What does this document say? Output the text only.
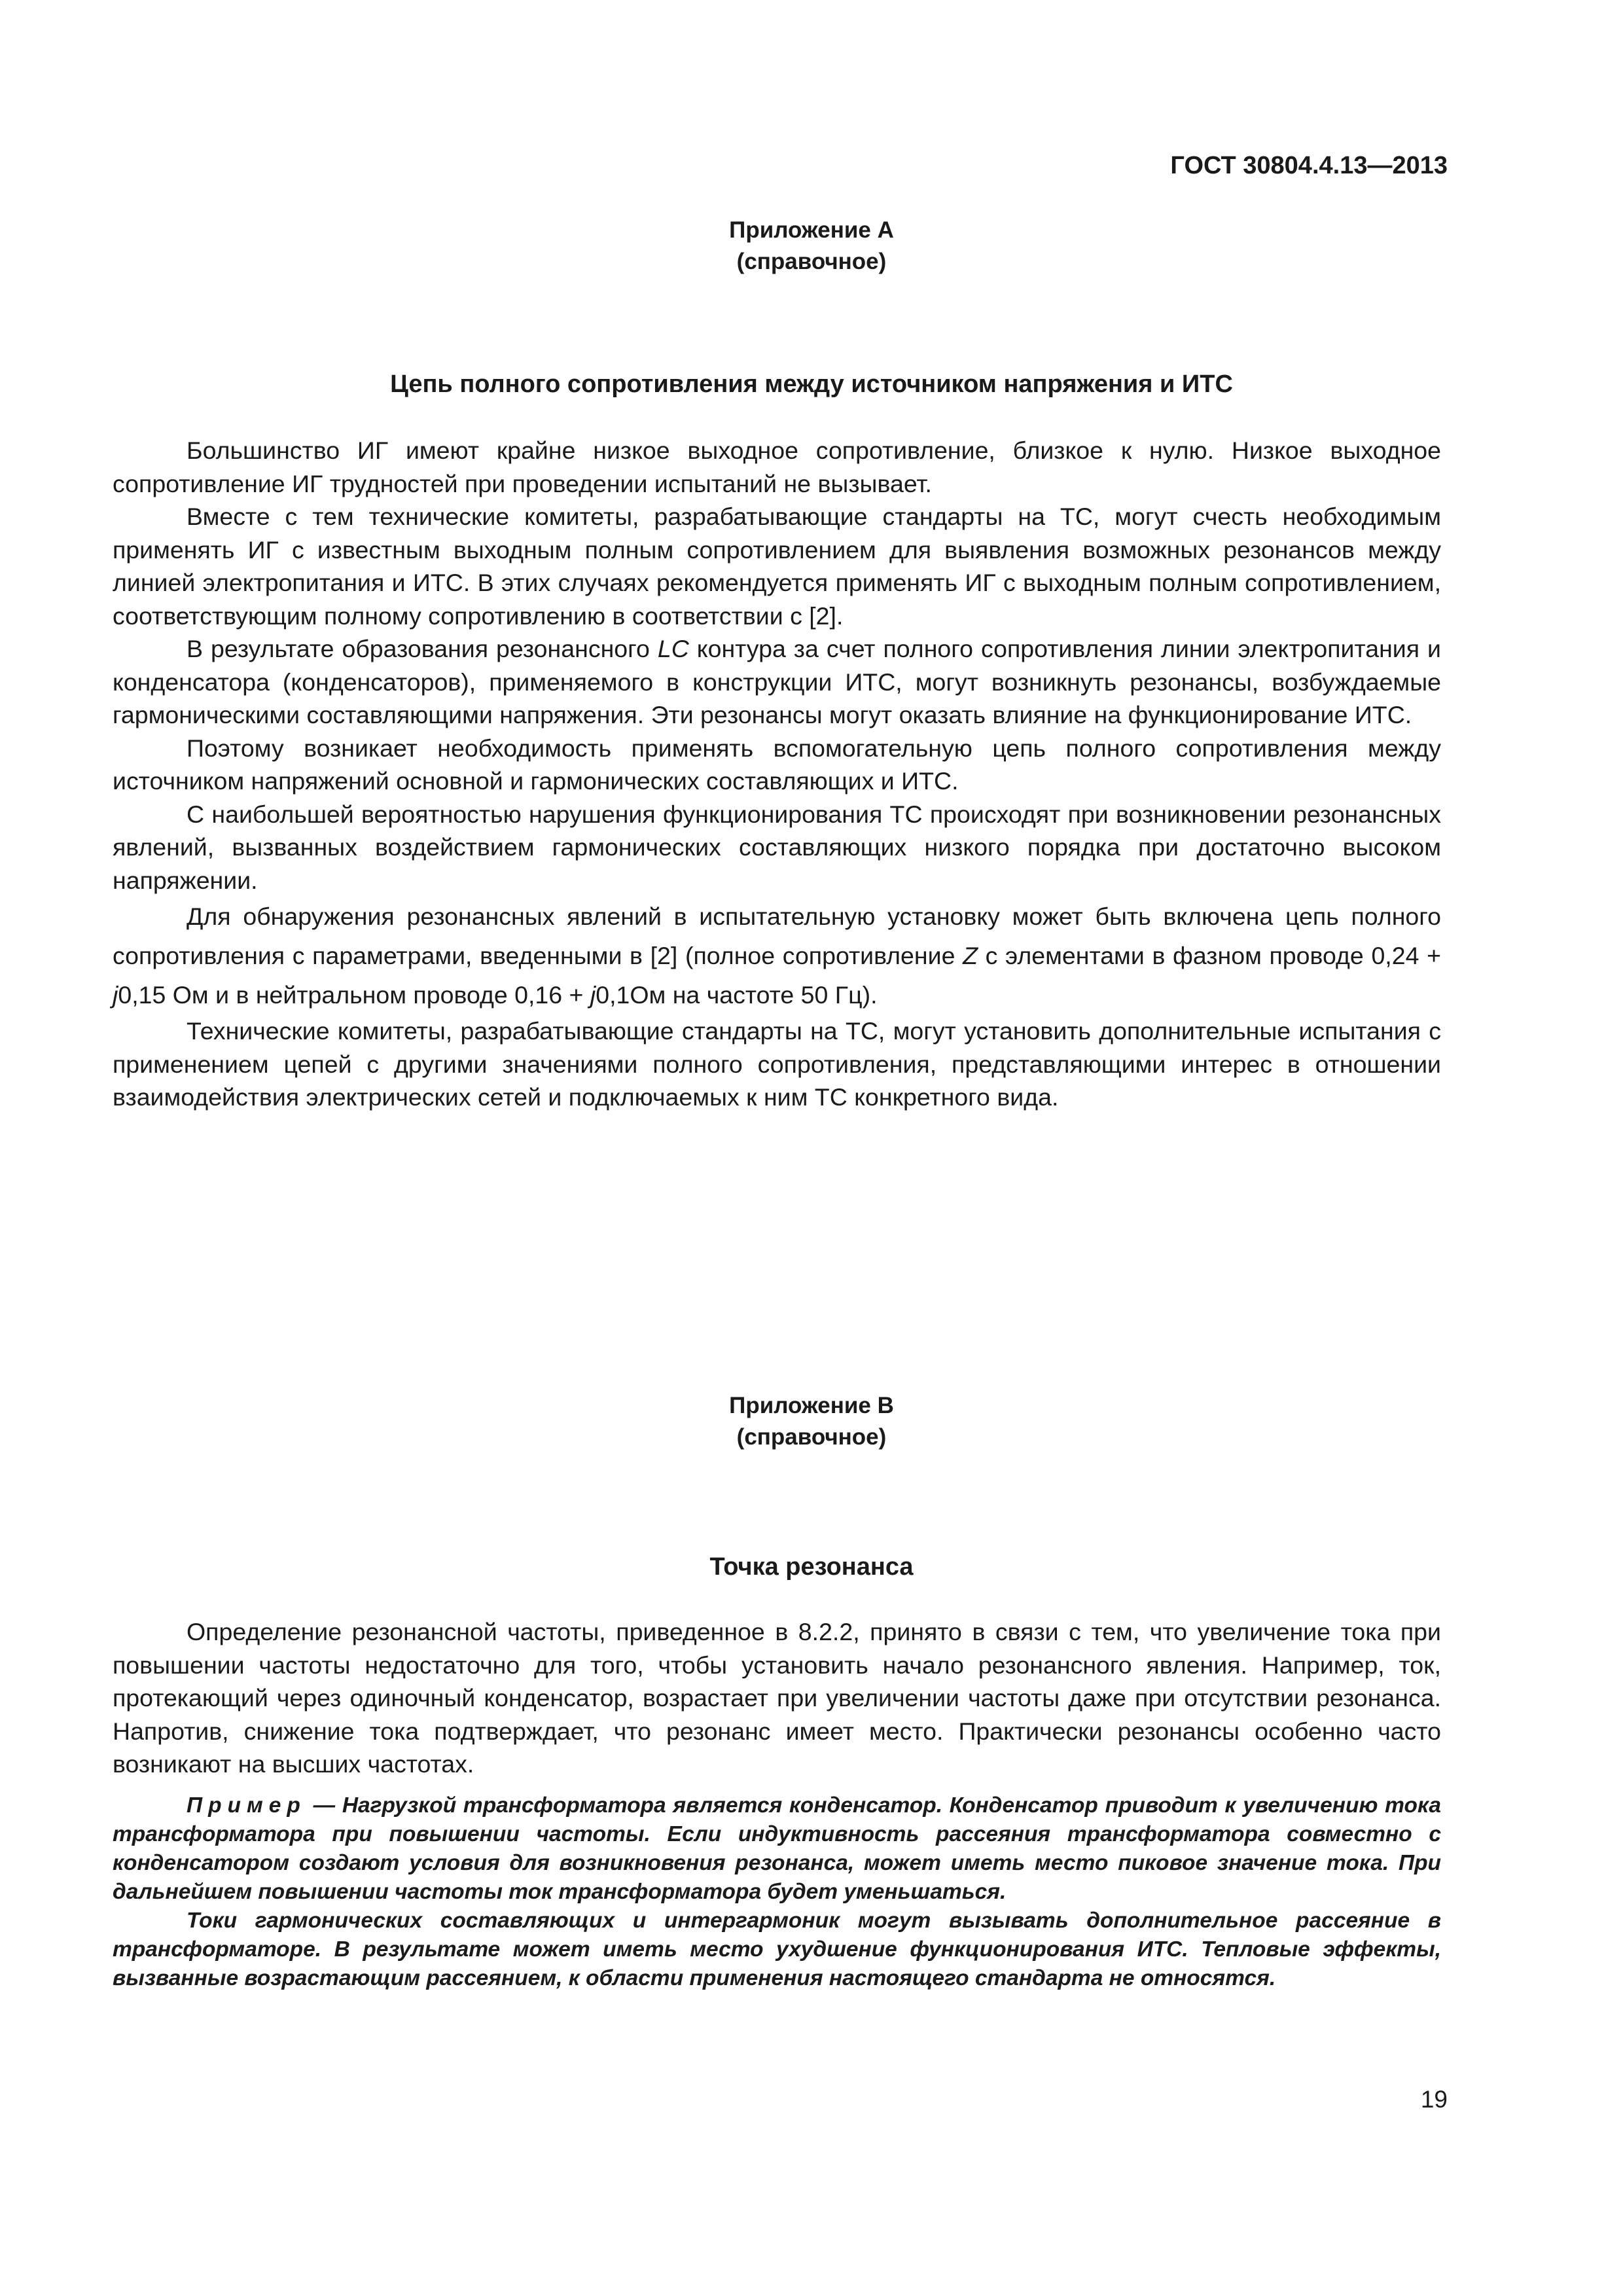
ГОСТ 30804.4.13—2013

Приложение А
(справочное)
Цепь полного сопротивления между источником напряжения и ИТС

Большинство ИГ имеют крайне низкое выходное сопротивление, близкое к нулю. Низкое выходное сопротивление ИГ трудностей при проведении испытаний не вызывает.

Вместе с тем технические комитеты, разрабатывающие стандарты на ТС, могут счесть необходимым применять ИГ с известным выходным полным сопротивлением для выявления возможных резонансов между линией электропитания и ИТС. В этих случаях рекомендуется применять ИГ с выходным полным сопротивлением, соответствующим полному сопротивлению в соответствии с [2].

В результате образования резонансного LC контура за счет полного сопротивления линии электропитания и конденсатора (конденсаторов), применяемого в конструкции ИТС, могут возникнуть резонансы, возбуждаемые гармоническими составляющими напряжения. Эти резонансы могут оказать влияние на функционирование ИТС.

Поэтому возникает необходимость применять вспомогательную цепь полного сопротивления между источником напряжений основной и гармонических составляющих и ИТС.

С наибольшей вероятностью нарушения функционирования ТС происходят при возникновении резонансных явлений, вызванных воздействием гармонических составляющих низкого порядка при достаточно высоком напряжении.

Для обнаружения резонансных явлений в испытательную установку может быть включена цепь полного сопротивления с параметрами, введенными в [2] (полное сопротивление Z с элементами в фазном проводе 0,24 + j0,15 Ом и в нейтральном проводе 0,16 + j0,1Ом на частоте 50 Гц).

Технические комитеты, разрабатывающие стандарты на ТС, могут установить дополнительные испытания с применением цепей с другими значениями полного сопротивления, представляющими интерес в отношении взаимодействия электрических сетей и подключаемых к ним ТС конкретного вида.

Приложение В
(справочное)
Точка резонанса

Определение резонансной частоты, приведенное в 8.2.2, принято в связи с тем, что увеличение тока при повышении частоты недостаточно для того, чтобы установить начало резонансного явления. Например, ток, протекающий через одиночный конденсатор, возрастает при увеличении частоты даже при отсутствии резонанса. Напротив, снижение тока подтверждает, что резонанс имеет место. Практически резонансы особенно часто возникают на высших частотах.

Пример — Нагрузкой трансформатора является конденсатор. Конденсатор приводит к увеличению тока трансформатора при повышении частоты. Если индуктивность рассеяния трансформатора совместно с конденсатором создают условия для возникновения резонанса, может иметь место пиковое значение тока. При дальнейшем повышении частоты ток трансформатора будет уменьшаться.

Токи гармонических составляющих и интергармоник могут вызывать дополнительное рассеяние в трансформаторе. В результате может иметь место ухудшение функционирования ИТС. Тепловые эффекты, вызванные возрастающим рассеянием, к области применения настоящего стандарта не относятся.

19
